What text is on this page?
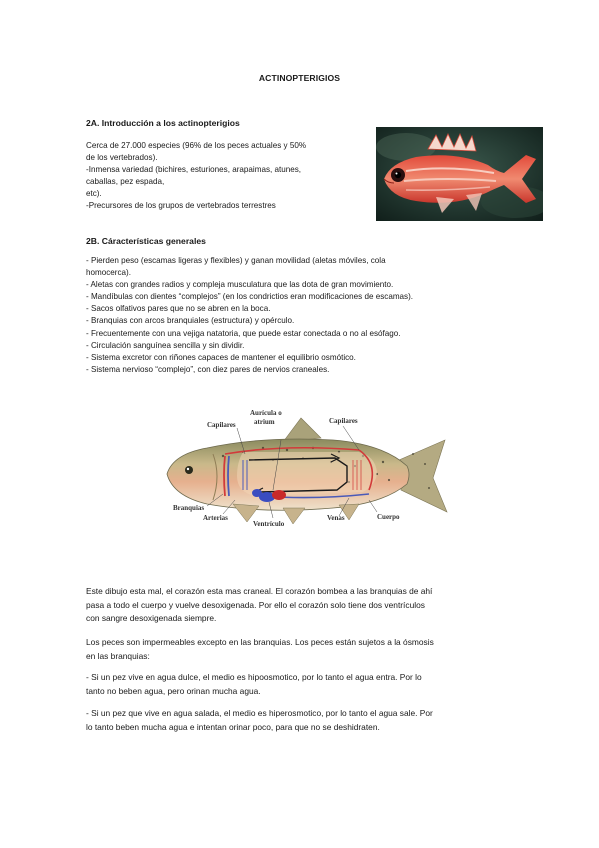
ACTINOPTERIGIOS
2A. Introducción a los actinopterigios
Cerca de 27.000 especies (96% de los peces actuales y 50%
de los vertebrados).
-Inmensa variedad (bichires, esturiones, arapaimas, atunes,
caballas, pez espada,
etc).
-Precursores de los grupos de vertebrados terrestres
2B. Cáracterísticas generales
- Pierden peso (escamas ligeras y flexibles) y ganan movilidad (aletas móviles, cola
homocerca).
- Aletas con grandes radios y compleja musculatura que las dota de gran movimiento.
- Mandíbulas con dientes “complejos” (en los condrictios eran modificaciones de escamas).
- Sacos olfativos pares que no se abren en la boca.
- Branquias con arcos branquiales (estructura) y opérculo.
- Frecuentemente con una vejiga natatoria, que puede estar conectada o no al esófago.
- Circulación sanguínea sencilla y sin dividir.
- Sistema excretor con riñones capaces de mantener el equilibrio osmótico.
- Sistema nervioso “complejo”, con diez pares de nervios craneales.
Capilares
Aurícula o
atrium	Capilares
Branquias
Arterias
Ventrículo
Venas	Cuerpo
Este dibujo esta mal, el corazón esta mas craneal. El corazón bombea a las branquias de ahí
pasa a todo el cuerpo y vuelve desoxigenada. Por ello el corazón solo tiene dos ventrículos
con sangre desoxigenada siempre.
Los peces son impermeables excepto en las branquias. Los peces están sujetos a la ósmosis
en las branquias:
- Si un pez vive en agua dulce, el medio es hipoosmotico, por lo tanto el agua entra. Por lo
tanto no beben agua, pero orinan mucha agua.
- Si un pez que vive en agua salada, el medio es hiperosmotico, por lo tanto el agua sale. Por
lo tanto beben mucha agua e intentan orinar poco, para que no se deshidraten.
